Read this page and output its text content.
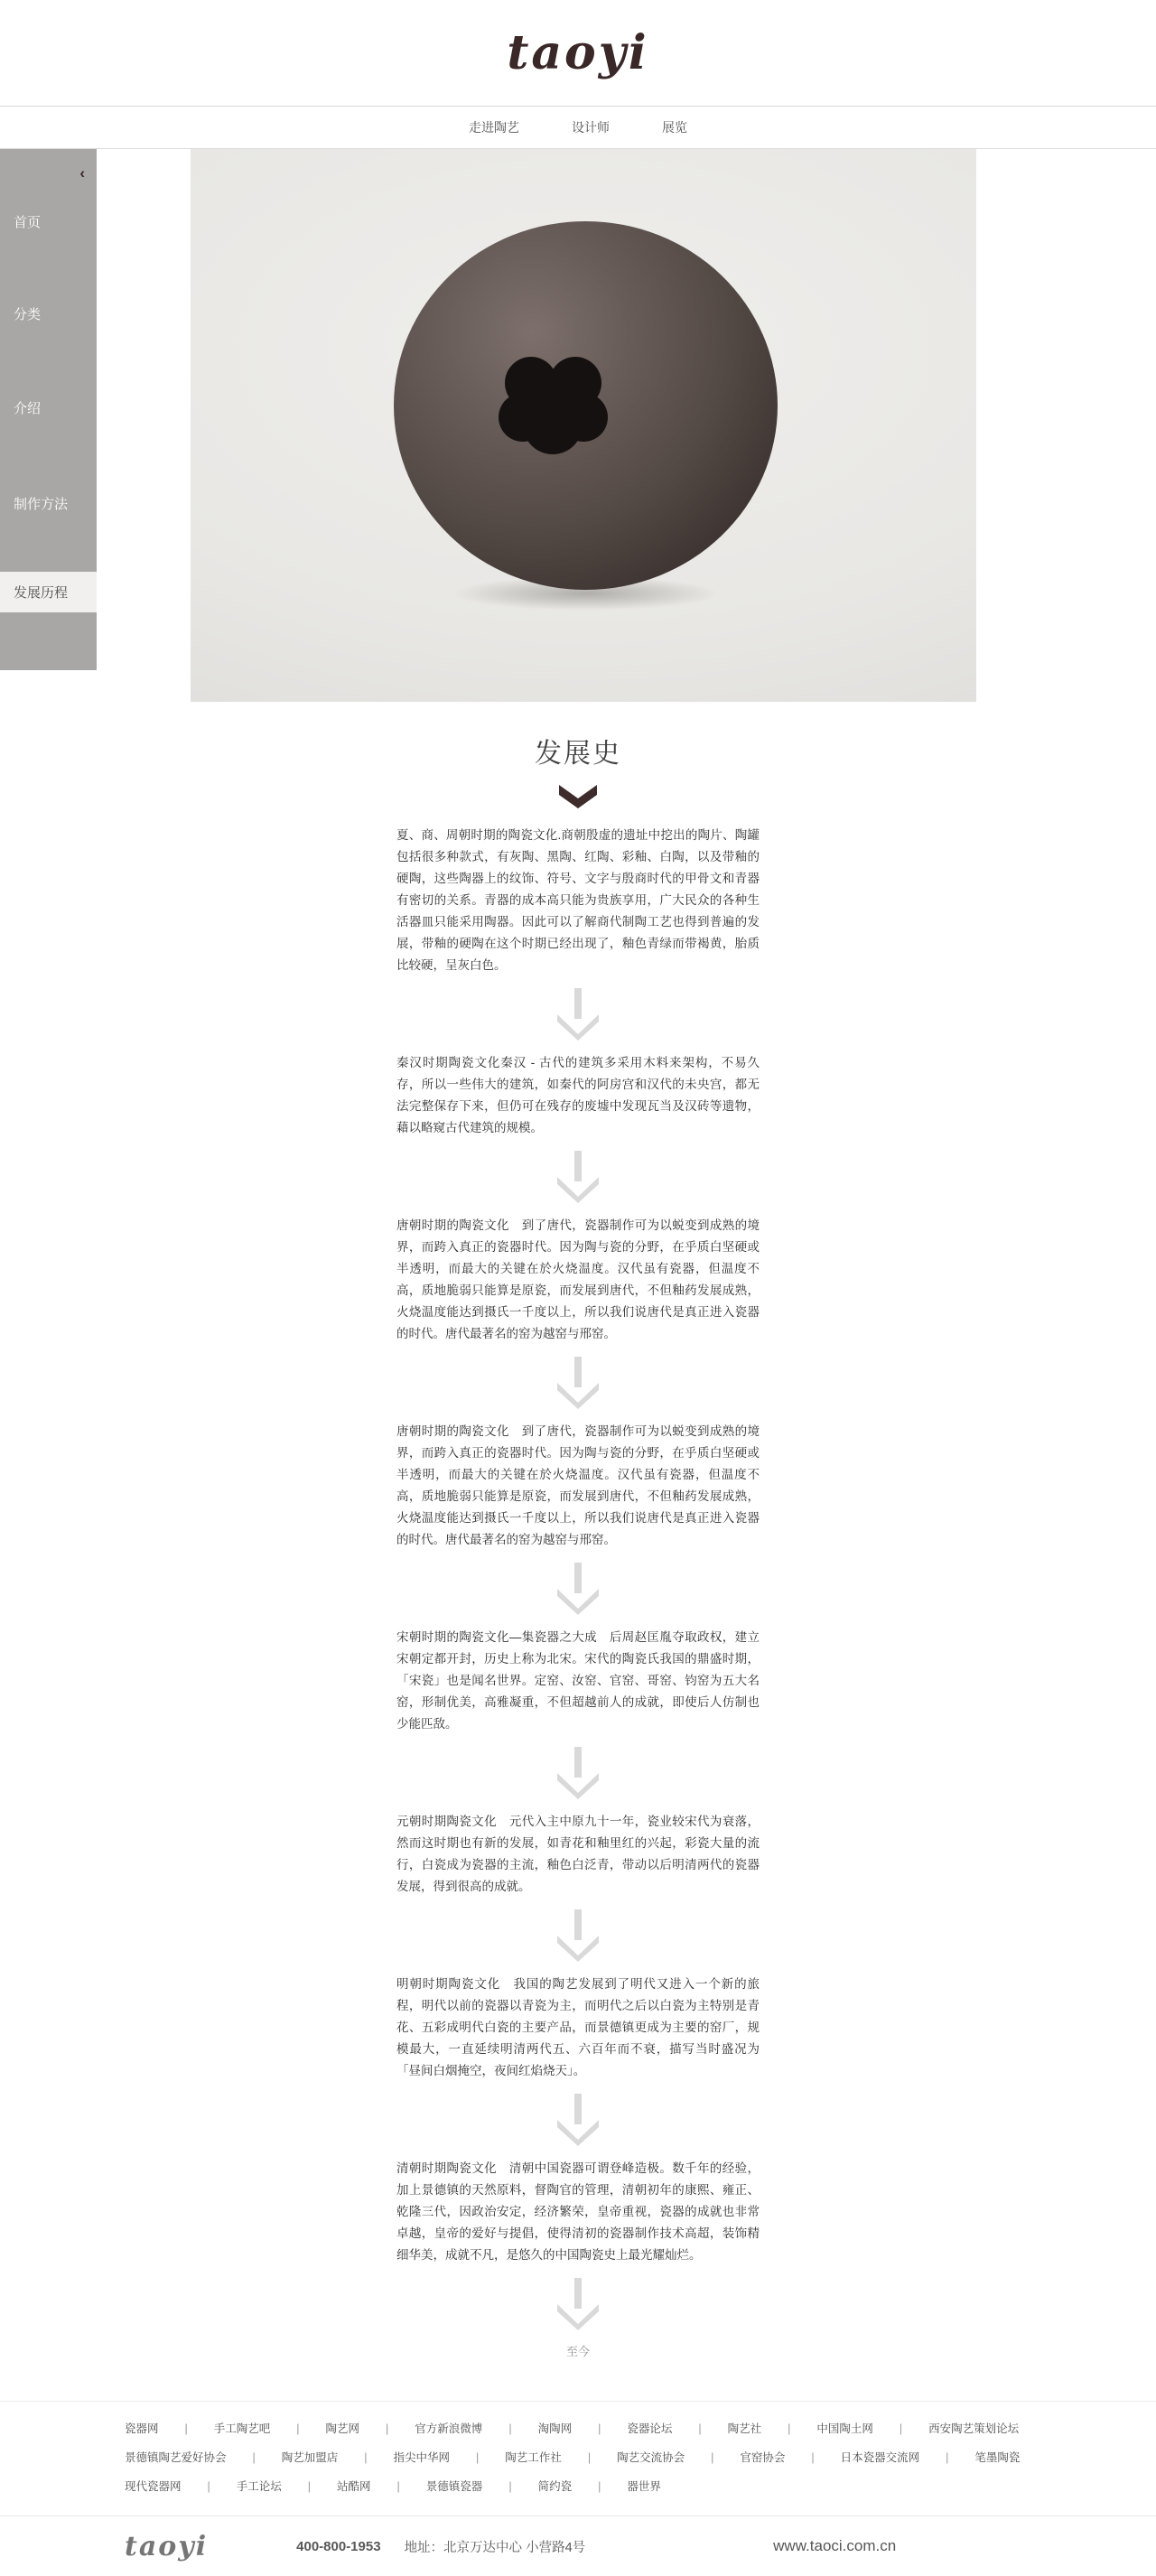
taoyi
走进陶艺	设计师	展览
‹
首页
分类
介绍
制作方法
发展历程
发展史

夏、商、周朝时期的陶瓷文化.商朝殷虚的遗址中挖出的陶片、陶罐包括很多种款式，有灰陶、黑陶、红陶、彩釉、白陶，以及带釉的硬陶，这些陶器上的纹饰、符号、文字与殷商时代的甲骨文和青器有密切的关系。青器的成本高只能为贵族享用，广大民众的各种生活器皿只能采用陶器。因此可以了解商代制陶工艺也得到普遍的发展，带釉的硬陶在这个时期已经出现了，釉色青绿而带褐黄，胎质比较硬，呈灰白色。

秦汉时期陶瓷文化秦汉 - 古代的建筑多采用木料来架构，不易久存，所以一些伟大的建筑，如秦代的阿房宫和汉代的未央宫，都无法完整保存下来，但仍可在残存的废墟中发现瓦当及汉砖等遗物，藉以略窥古代建筑的规模。

唐朝时期的陶瓷文化　到了唐代，瓷器制作可为以蜕变到成熟的境界，而跨入真正的瓷器时代。因为陶与瓷的分野，在乎质白坚硬或半透明，而最大的关键在於火烧温度。汉代虽有瓷器，但温度不高，质地脆弱只能算是原瓷，而发展到唐代，不但釉药发展成熟，火烧温度能达到摄氏一千度以上，所以我们说唐代是真正进入瓷器的时代。唐代最著名的窑为越窑与邢窑。

唐朝时期的陶瓷文化　到了唐代，瓷器制作可为以蜕变到成熟的境界，而跨入真正的瓷器时代。因为陶与瓷的分野，在乎质白坚硬或半透明，而最大的关键在於火烧温度。汉代虽有瓷器，但温度不高，质地脆弱只能算是原瓷，而发展到唐代，不但釉药发展成熟，火烧温度能达到摄氏一千度以上，所以我们说唐代是真正进入瓷器的时代。唐代最著名的窑为越窑与邢窑。

宋朝时期的陶瓷文化—集瓷器之大成　后周赵匡胤夺取政权，建立宋朝定都开封，历史上称为北宋。宋代的陶瓷氏我国的鼎盛时期，「宋瓷」也是闻名世界。定窑、汝窑、官窑、哥窑、钧窑为五大名窑，形制优美，高雅凝重，不但超越前人的成就，即使后人仿制也少能匹敌。

元朝时期陶瓷文化　元代入主中原九十一年，瓷业较宋代为衰落，然而这时期也有新的发展，如青花和釉里红的兴起，彩瓷大量的流行，白瓷成为瓷器的主流，釉色白泛青，带动以后明清两代的瓷器发展，得到很高的成就。

明朝时期陶瓷文化　我国的陶艺发展到了明代又进入一个新的旅程，明代以前的瓷器以青瓷为主，而明代之后以白瓷为主特别是青花、五彩成明代白瓷的主要产品，而景德镇更成为主要的窑厂，规模最大，一直延续明清两代五、六百年而不衰，描写当时盛况为「昼间白烟掩空，夜间红焰烧天」。

清朝时期陶瓷文化　清朝中国瓷器可谓登峰造极。数千年的经验，加上景德镇的天然原料，督陶官的管理，清朝初年的康熙、雍正、乾隆三代，因政治安定，经济繁荣，皇帝重视，瓷器的成就也非常卓越，皇帝的爱好与提倡，使得清初的瓷器制作技术高超，装饰精细华美，成就不凡，是悠久的中国陶瓷史上最光耀灿烂。

至今
瓷器网 | 手工陶艺吧 | 陶艺网 | 官方新浪微博 | 淘陶网 | 瓷器论坛 | 陶艺社 | 中国陶土网 | 西安陶艺策划论坛
景德镇陶艺爱好协会 | 陶艺加盟店 | 指尖中华网 | 陶艺工作社 | 陶艺交流协会 | 官窑协会 | 日本瓷器交流网 | 笔墨陶瓷
现代瓷器网 | 手工论坛 | 站酷网 | 景德镇瓷器 | 简约瓷 | 器世界
taoyi	400-800-1953 地址：北京万达中心 小营路4号	www.taoci.com.cn
